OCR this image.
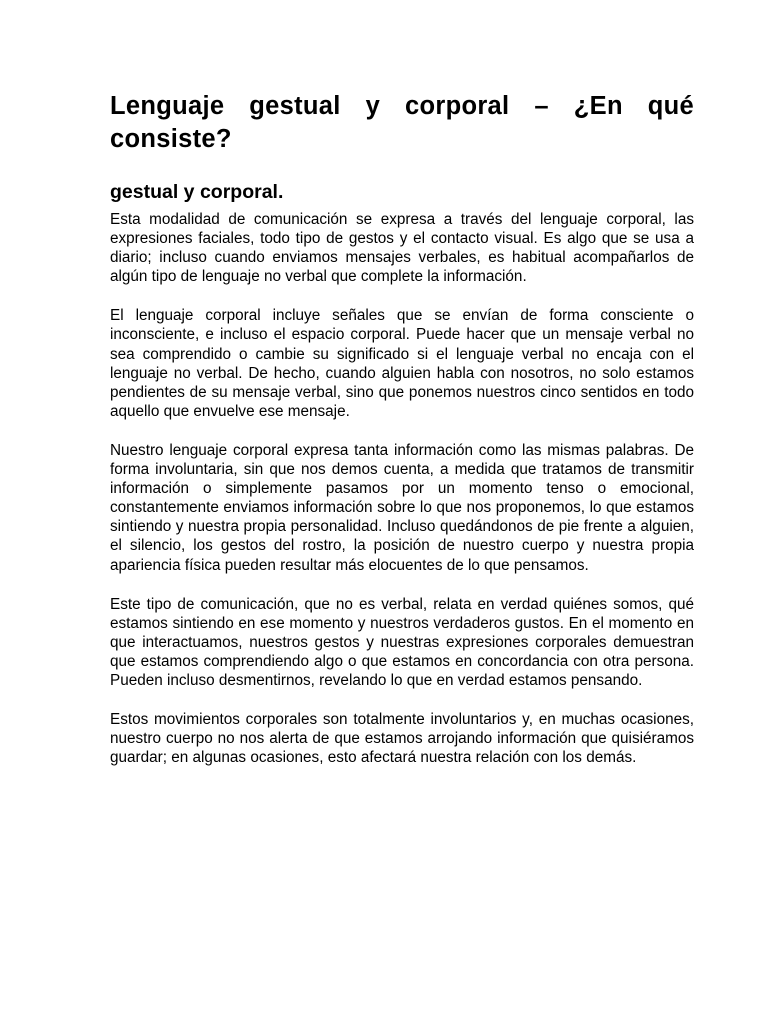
Lenguaje gestual y corporal – ¿En qué consiste?
gestual y corporal.

Esta modalidad de comunicación se expresa a través del lenguaje corporal, las expresiones faciales, todo tipo de gestos y el contacto visual. Es algo que se usa a diario; incluso cuando enviamos mensajes verbales, es habitual acompañarlos de algún tipo de lenguaje no verbal que complete la información.

El lenguaje corporal incluye señales que se envían de forma consciente o inconsciente, e incluso el espacio corporal. Puede hacer que un mensaje verbal no sea comprendido o cambie su significado si el lenguaje verbal no encaja con el lenguaje no verbal. De hecho, cuando alguien habla con nosotros, no solo estamos pendientes de su mensaje verbal, sino que ponemos nuestros cinco sentidos en todo aquello que envuelve ese mensaje.

Nuestro lenguaje corporal expresa tanta información como las mismas palabras. De forma involuntaria, sin que nos demos cuenta, a medida que tratamos de transmitir información o simplemente pasamos por un momento tenso o emocional, constantemente enviamos información sobre lo que nos proponemos, lo que estamos sintiendo y nuestra propia personalidad. Incluso quedándonos de pie frente a alguien, el silencio, los gestos del rostro, la posición de nuestro cuerpo y nuestra propia apariencia física pueden resultar más elocuentes de lo que pensamos.

Este tipo de comunicación, que no es verbal, relata en verdad quiénes somos, qué estamos sintiendo en ese momento y nuestros verdaderos gustos. En el momento en que interactuamos, nuestros gestos y nuestras expresiones corporales demuestran que estamos comprendiendo algo o que estamos en concordancia con otra persona. Pueden incluso desmentirnos, revelando lo que en verdad estamos pensando.

Estos movimientos corporales son totalmente involuntarios y, en muchas ocasiones, nuestro cuerpo no nos alerta de que estamos arrojando información que quisiéramos guardar; en algunas ocasiones, esto afectará nuestra relación con los demás.
